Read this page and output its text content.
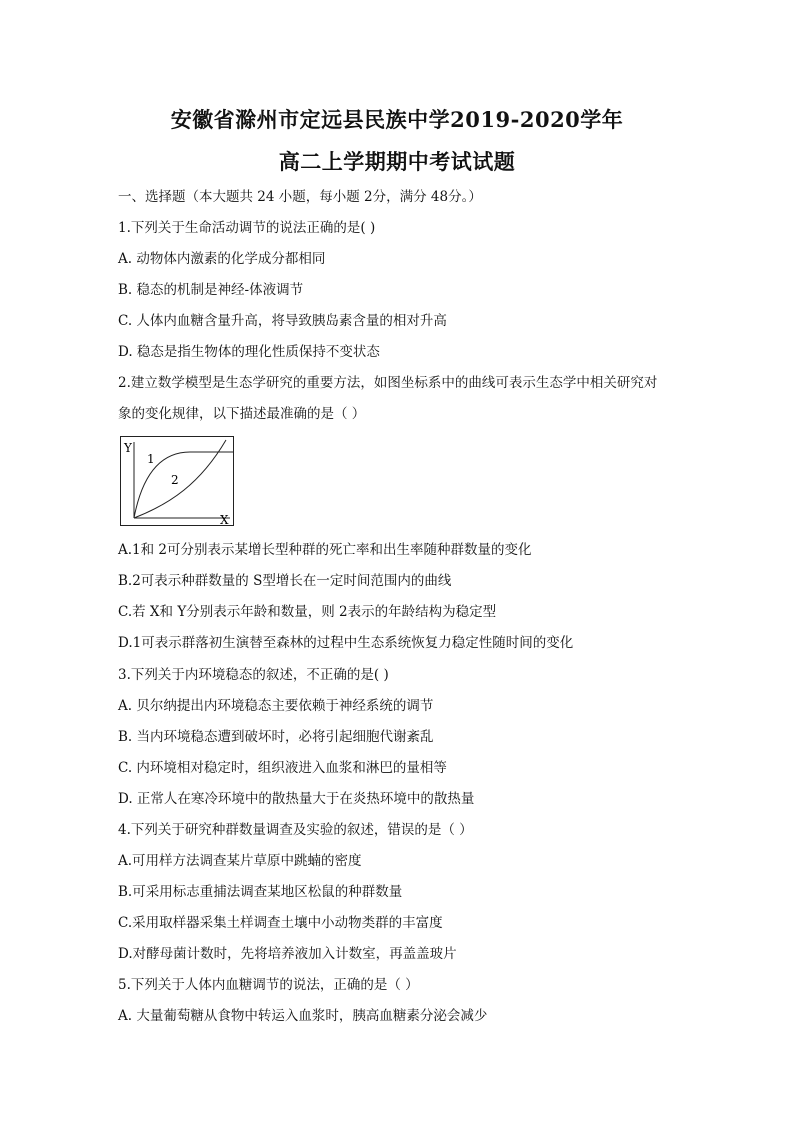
安徽省滁州市定远县民族中学2019-2020学年
高二上学期期中考试试题
一、选择题（本大题共 24 小题，每小题 2分，满分 48分。）
1.下列关于生命活动调节的说法正确的是( )
A. 动物体内激素的化学成分都相同
B. 稳态的机制是神经-体液调节
C. 人体内血糖含量升高，将导致胰岛素含量的相对升高
D. 稳态是指生物体的理化性质保持不变状态
2.建立数学模型是生态学研究的重要方法，如图坐标系中的曲线可表示生态学中相关研究对
象的变化规律，以下描述最准确的是（ ）
Y
X
1
2
A.1和 2可分别表示某增长型种群的死亡率和出生率随种群数量的变化
B.2可表示种群数量的 S型增长在一定时间范围内的曲线
C.若 X和 Y分别表示年龄和数量，则 2表示的年龄结构为稳定型
D.1可表示群落初生演替至森林的过程中生态系统恢复力稳定性随时间的变化
3.下列关于内环境稳态的叙述，不正确的是( )
A. 贝尔纳提出内环境稳态主要依赖于神经系统的调节
B. 当内环境稳态遭到破坏时，必将引起细胞代谢紊乱
C. 内环境相对稳定时，组织液进入血浆和淋巴的量相等
D. 正常人在寒冷环境中的散热量大于在炎热环境中的散热量
4.下列关于研究种群数量调查及实验的叙述，错误的是（ ）
A.可用样方法调查某片草原中跳蝻的密度
B.可采用标志重捕法调查某地区松鼠的种群数量
C.采用取样器采集土样调查土壤中小动物类群的丰富度
D.对酵母菌计数时，先将培养液加入计数室，再盖盖玻片
5.下列关于人体内血糖调节的说法，正确的是（ ）
A. 大量葡萄糖从食物中转运入血浆时，胰高血糖素分泌会减少
